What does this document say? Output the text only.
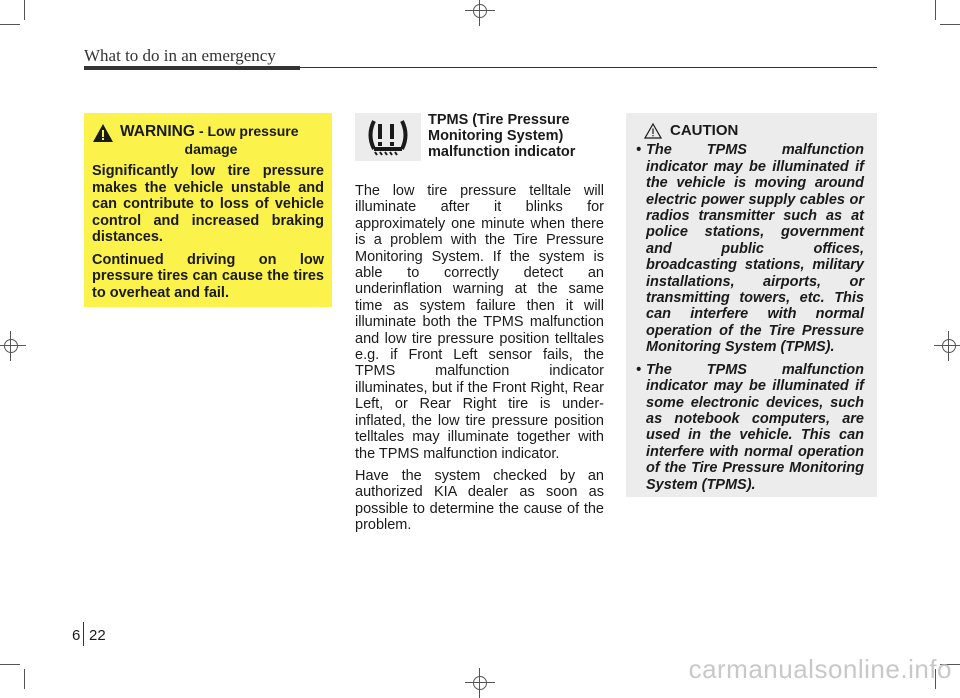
What to do in an emergency
WARNING - Low pressure
damage

Significantly low tire pressure makes the vehicle unstable and can contribute to loss of vehicle control and increased braking distances.

Continued driving on low pressure tires can cause the tires to overheat and fail.

TPMS (Tire Pressure Monitoring System) malfunction indicator

The low tire pressure telltale will illuminate after it blinks for approximately one minute when there is a problem with the Tire Pressure Monitoring System. If the system is able to correctly detect an underinflation warning at the same time as system failure then it will illuminate both the TPMS malfunction and low tire pressure position telltales e.g. if Front Left sensor fails, the TPMS malfunction indicator illuminates, but if the Front Right, Rear Left, or Rear Right tire is under-inflated, the low tire pressure position telltales may illuminate together with the TPMS malfunction indicator.

Have the system checked by an authorized KIA dealer as soon as possible to determine the cause of the problem.

CAUTION
• The TPMS malfunction indicator may be illuminated if the vehicle is moving around electric power supply cables or radios transmitter such as at police stations, government and public offices, broadcasting stations, military installations, airports, or transmitting towers, etc. This can interfere with normal operation of the Tire Pressure Monitoring System (TPMS).
• The TPMS malfunction indicator may be illuminated if some electronic devices, such as notebook computers, are used in the vehicle. This can interfere with normal operation of the Tire Pressure Monitoring System (TPMS).
6 22
carmanualsonline.info
